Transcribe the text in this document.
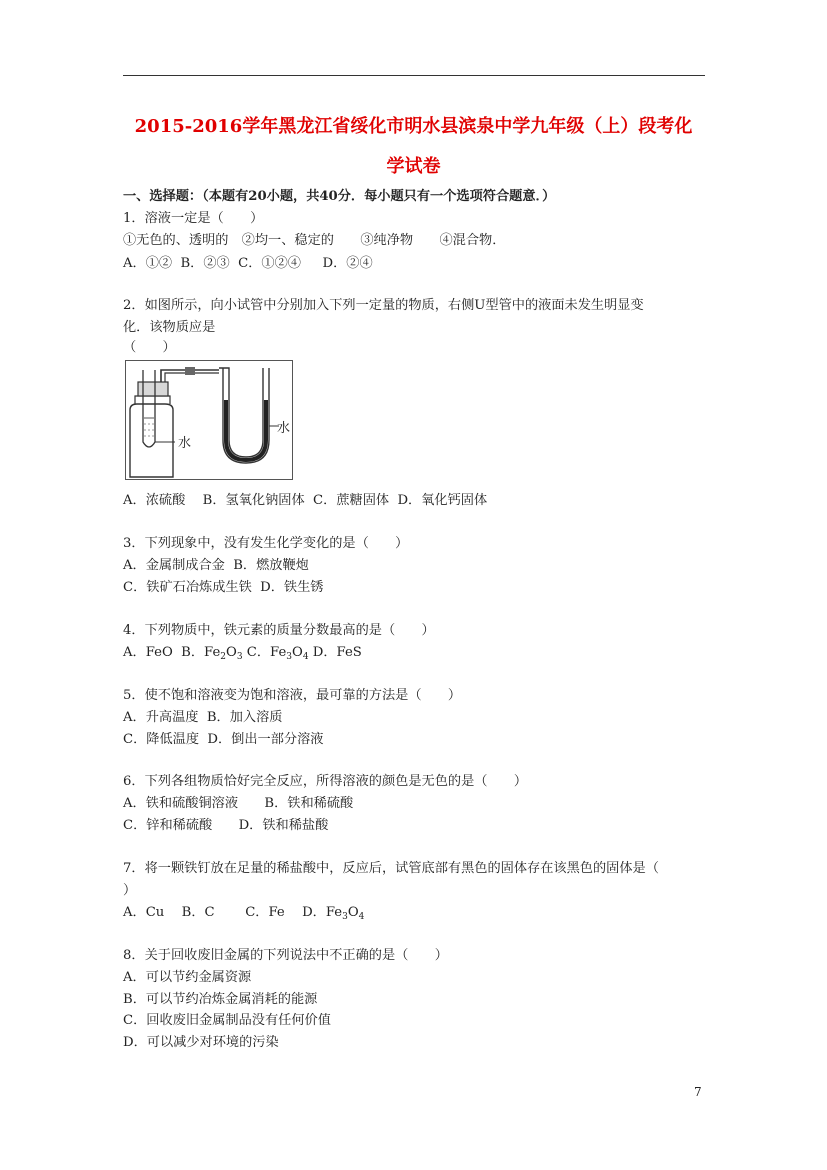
2015-2016学年黑龙江省绥化市明水县滨泉中学九年级（上）段考化
学试卷
一、选择题：（本题有20小题，共40分．每小题只有一个选项符合题意．）
1．溶液一定是（　　）
①无色的、透明的　②均一、稳定的　　③纯净物　　④混合物．
A．①②  B．②③  C．①②④　  D．②④
2．如图所示，向小试管中分别加入下列一定量的物质，右侧U型管中的液面未发生明显变
化．该物质应是
（　　）
水
水
A．浓硫酸　 B．氢氧化钠固体  C．蔗糖固体  D．氧化钙固体
3．下列现象中，没有发生化学变化的是（　　）
A．金属制成合金  B．燃放鞭炮
C．铁矿石冶炼成生铁  D．铁生锈
4．下列物质中，铁元素的质量分数最高的是（　　）
A．FeO B．$Fe_2O_3$ C．$Fe_3O_4$ D．FeS
5．使不饱和溶液变为饱和溶液，最可靠的方法是（　　）
A．升高温度  B．加入溶质
C．降低温度  D．倒出一部分溶液
6．下列各组物质恰好完全反应，所得溶液的颜色是无色的是（　　）
A．铁和硫酸铜溶液　　B．铁和稀硫酸
C．锌和稀硫酸　　D．铁和稀盐酸
7．将一颗铁钉放在足量的稀盐酸中，反应后，试管底部有黑色的固体存在该黑色的固体是（
）
A．Cu　 B．C　　 C．Fe　 D．$Fe_3O_4$
8．关于回收废旧金属的下列说法中不正确的是（　　）
A．可以节约金属资源
B．可以节约冶炼金属消耗的能源
C．回收废旧金属制品没有任何价值
D．可以减少对环境的污染
7
